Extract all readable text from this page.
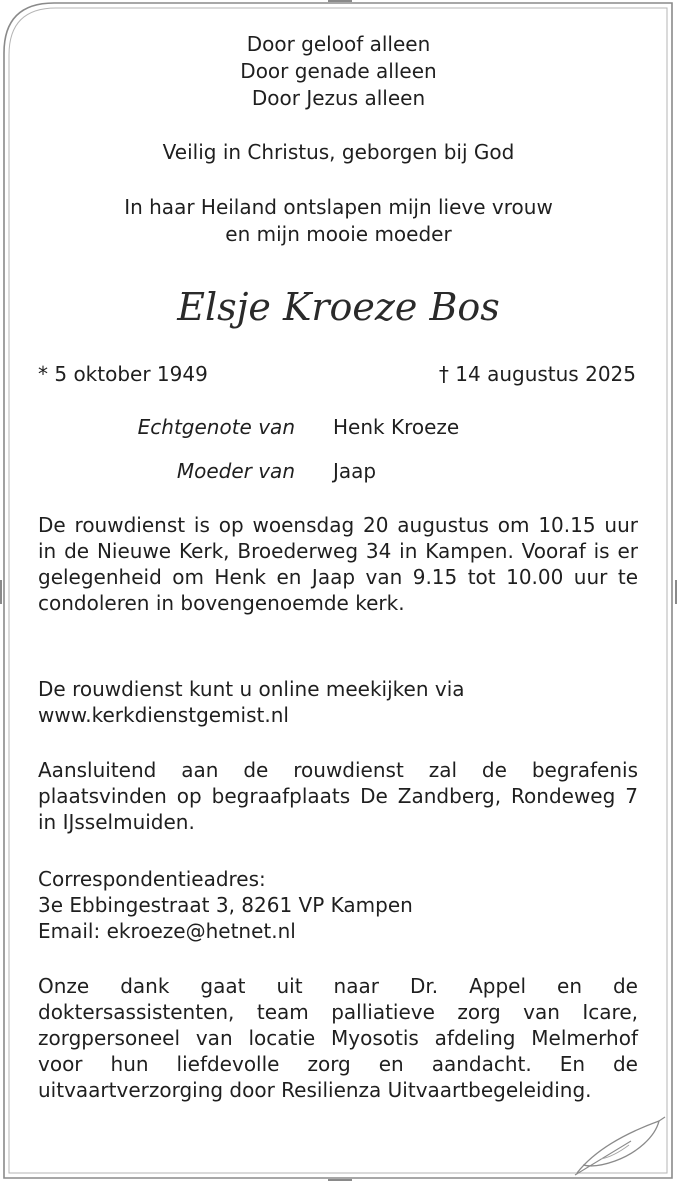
Door geloof alleen
Door genade alleen
Door Jezus alleen
Veilig in Christus, geborgen bij God
In haar Heiland ontslapen mijn lieve vrouw
en mijn mooie moeder
Elsje Kroeze Bos
* 5 oktober 1949	† 14 augustus 2025
Echtgenote van Henk Kroeze
Moeder van Jaap
De rouwdienst is op woensdag 20 augustus om 10.15 uur in de Nieuwe Kerk, Broederweg 34 in Kampen. Vooraf is er gelegenheid om Henk en Jaap van 9.15 tot 10.00 uur te condoleren in bovengenoemde kerk.
De rouwdienst kunt u online meekijken via
www.kerkdienstgemist.nl
Aansluitend aan de rouwdienst zal de begrafenis plaatsvinden op begraafplaats De Zandberg, Rondeweg 7 in IJsselmuiden.
Correspondentieadres:
3e Ebbingestraat 3, 8261 VP Kampen
Email: ekroeze@hetnet.nl
Onze dank gaat uit naar Dr. Appel en de doktersassistenten, team palliatieve zorg van Icare, zorgpersoneel van locatie Myosotis afdeling Melmerhof voor hun liefdevolle zorg en aandacht. En de uitvaartverzorging door Resilienza Uitvaartbegeleiding.
